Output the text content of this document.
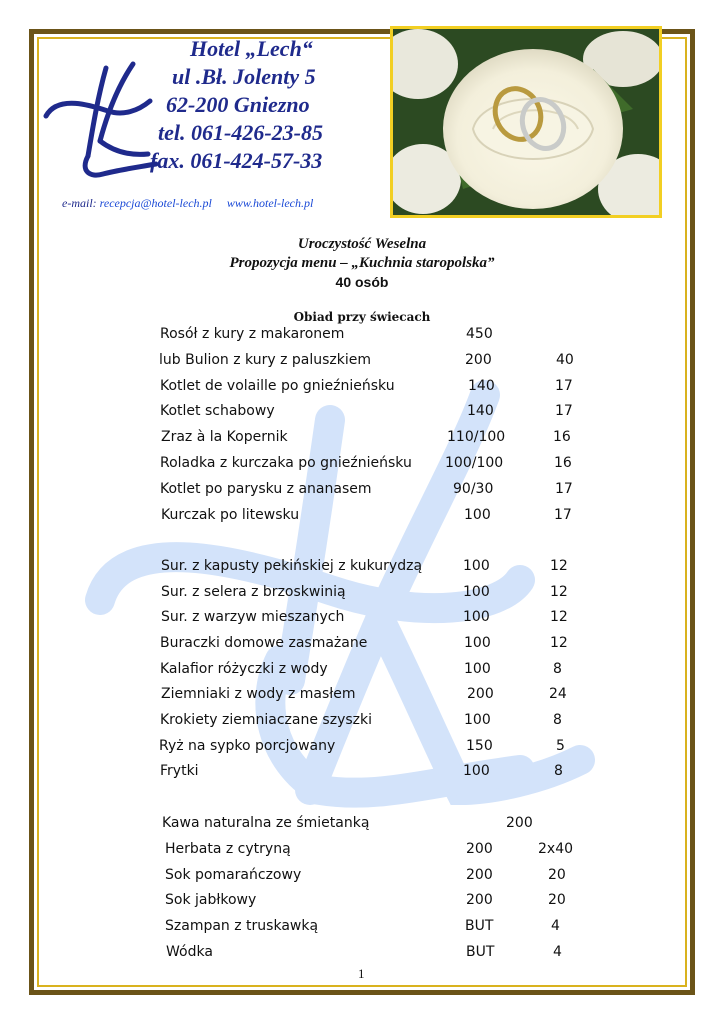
Hotel „Lech“
ul .Bł. Jolenty 5
62-200 Gniezno
tel. 061-426-23-85
fax. 061-424-57-33
e-mail: recepcja@hotel-lech.pl www.hotel-lech.pl
Uroczystość Weselna
Propozycja menu – „Kuchnia staropolska”
40 osób
Obiad przy świecach
Rosół z kury z makaronem	450
lub Bulion z kury z paluszkiem	200	40
Kotlet de volaille po gnieźnieńsku	140	17
Kotlet schabowy	140	17
Zraz à la Kopernik	110/100	16
Roladka z kurczaka po gnieźnieńsku 100/100	16
Kotlet po parysku z ananasem	90/30	17
Kurczak po litewsku	100	17
Sur. z kapusty pekińskiej z kukurydzą	100	12
Sur. z selera z brzoskwinią	100	12
Sur. z warzyw mieszanych	100	12
Buraczki domowe zasmażane	100	12
Kalafior różyczki z wody	100	8
Ziemniaki z wody z masłem	200	24
Krokiety ziemniaczane szyszki	100	8
Ryż na sypko porcjowany	150	5
Frytki	100	8
Kawa naturalna ze śmietanką	200
Herbata z cytryną	200	2x40
Sok pomarańczowy	200	20
Sok jabłkowy	200	20
Szampan z truskawką	BUT	4
Wódka	BUT	4
1
